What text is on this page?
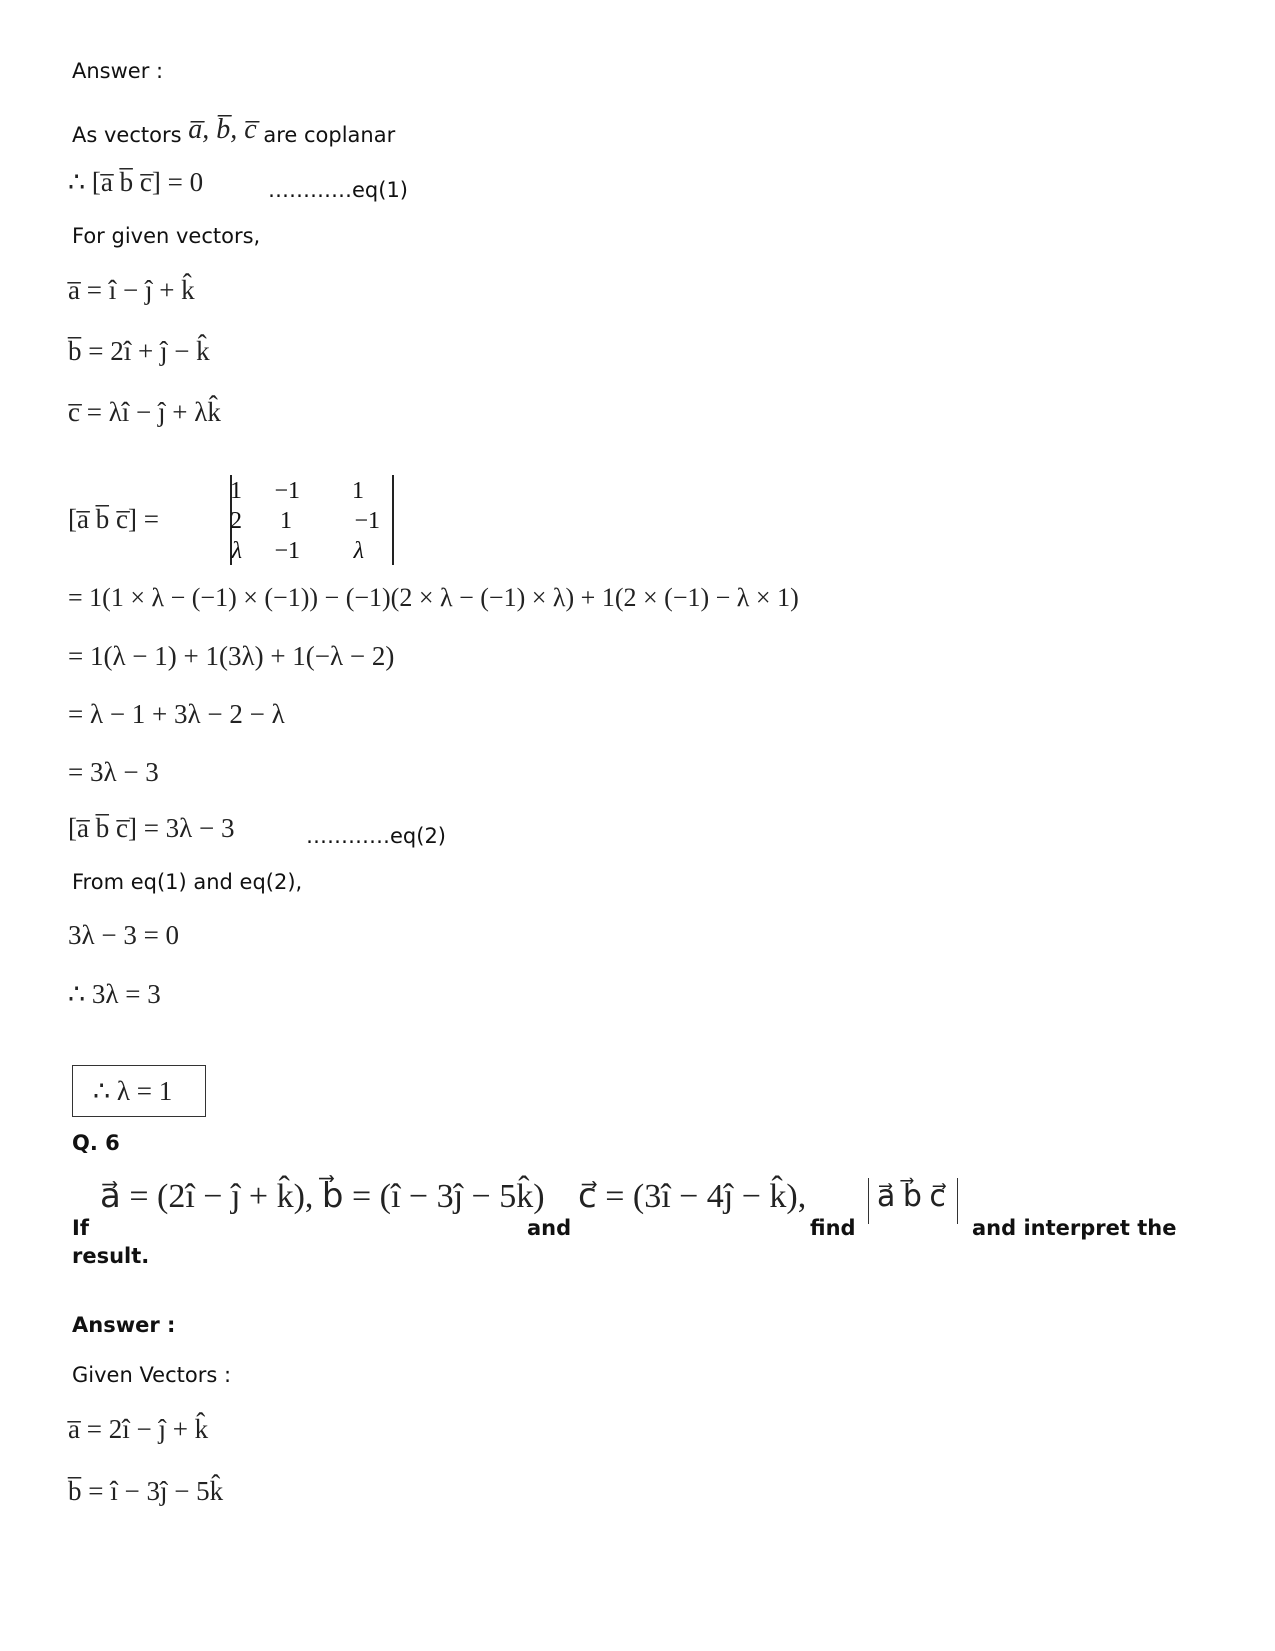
Answer :
As vectors a̅, b̅, c̅ are coplanar
∴ [a̅ b̅ c̅] = 0	…………eq(1)
For given vectors,
a̅ = î − ĵ + k̂
b̅ = 2î + ĵ − k̂
c̅ = λî − ĵ + λk̂
[a̅ b̅ c̅] =
1	−1	1
2	1	−1
λ	−1	λ
= 1(1 × λ − (−1) × (−1)) − (−1)(2 × λ − (−1) × λ) + 1(2 × (−1) − λ × 1)
= 1(λ − 1) + 1(3λ) + 1(−λ − 2)
= λ − 1 + 3λ − 2 − λ
= 3λ − 3
[a̅ b̅ c̅] = 3λ − 3	…………eq(2)
From eq(1) and eq(2),
3λ − 3 = 0
∴ 3λ = 3
∴ λ = 1
Q. 6
If
a⃗ = (2î − ĵ + k̂), b⃗ = (î − 3ĵ − 5k̂)
and
c⃗ = (3î − 4ĵ − k̂),
find
a⃗ b⃗ c⃗
and interpret the
result.
Answer :
Given Vectors :
a̅ = 2î − ĵ + k̂
b̅ = î − 3ĵ − 5k̂
